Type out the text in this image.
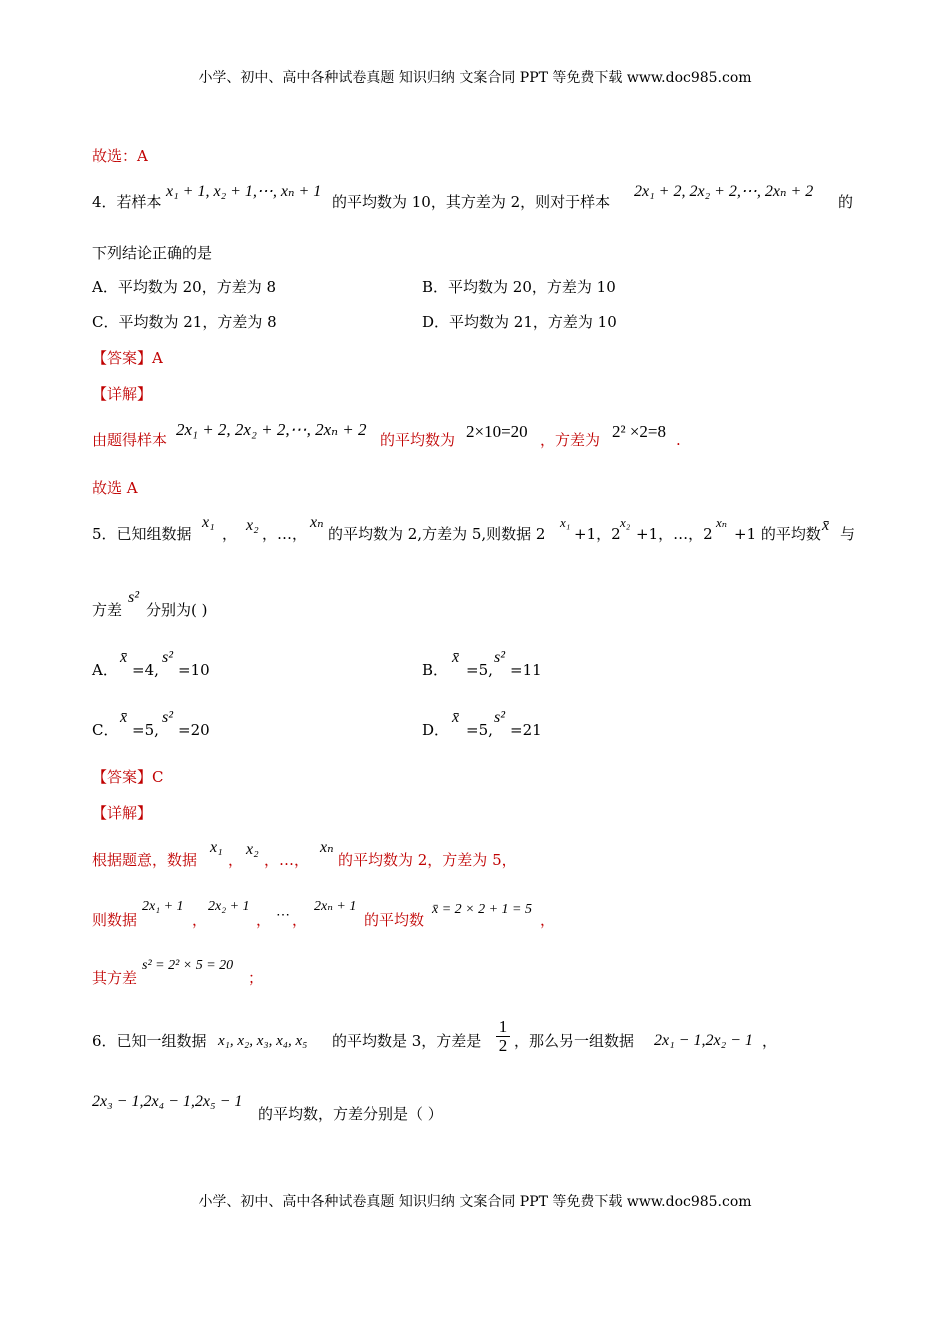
小学、初中、高中各种试卷真题 知识归纳 文案合同 PPT 等免费下载 www.doc985.com
故选：A
4．若样本
x₁ + 1, x₂ + 1,⋯, xₙ + 1
的平均数为 10，其方差为 2，则对于样本
2x₁ + 2, 2x₂ + 2,⋯, 2xₙ + 2
的
下列结论正确的是
A．平均数为 20，方差为 8	B．平均数为 20，方差为 10
C．平均数为 21，方差为 8	D．平均数为 21，方差为 10
【答案】A
【详解】
由题得样本
2x₁ + 2, 2x₂ + 2,⋯, 2xₙ + 2
的平均数为 2×10=20 ，方差为 2² ×2=8 .
故选 A
5．已知组数据
x₁
， x₂ ，…，
xₙ
的平均数为 2,方差为 5,则数据 2
x₁
+1，2
x₂
+1，…，2
xₙ
+1 的平均数 x̄ 与
方差
s²
分别为( )
A．
x̄
=4,
s²
=10	B．
x̄
=5,
s²
=11
C．
x̄
=5,
s²
=20	D．
x̄
=5,
s²
=21
【答案】C
【详解】
根据题意，数据
x₁
，
x₂
，…，
xₙ
的平均数为 2，方差为 5，
则数据
2x₁ + 1
，
2x₂ + 1
， ⋯ ，
2xₙ + 1
的平均数
x̄ = 2 × 2 + 1 = 5
，
其方差
s² = 2² × 5 = 20
；
6．已知一组数据 x₁, x₂, x₃, x₄, x₅ 的平均数是 3，方差是
1
2 ，那么另一组数据 2x₁ − 1,2x₂ − 1 ，
2x₃ − 1,2x₄ − 1,2x₅ − 1
的平均数，方差分别是（ ）
小学、初中、高中各种试卷真题 知识归纳 文案合同 PPT 等免费下载 www.doc985.com
